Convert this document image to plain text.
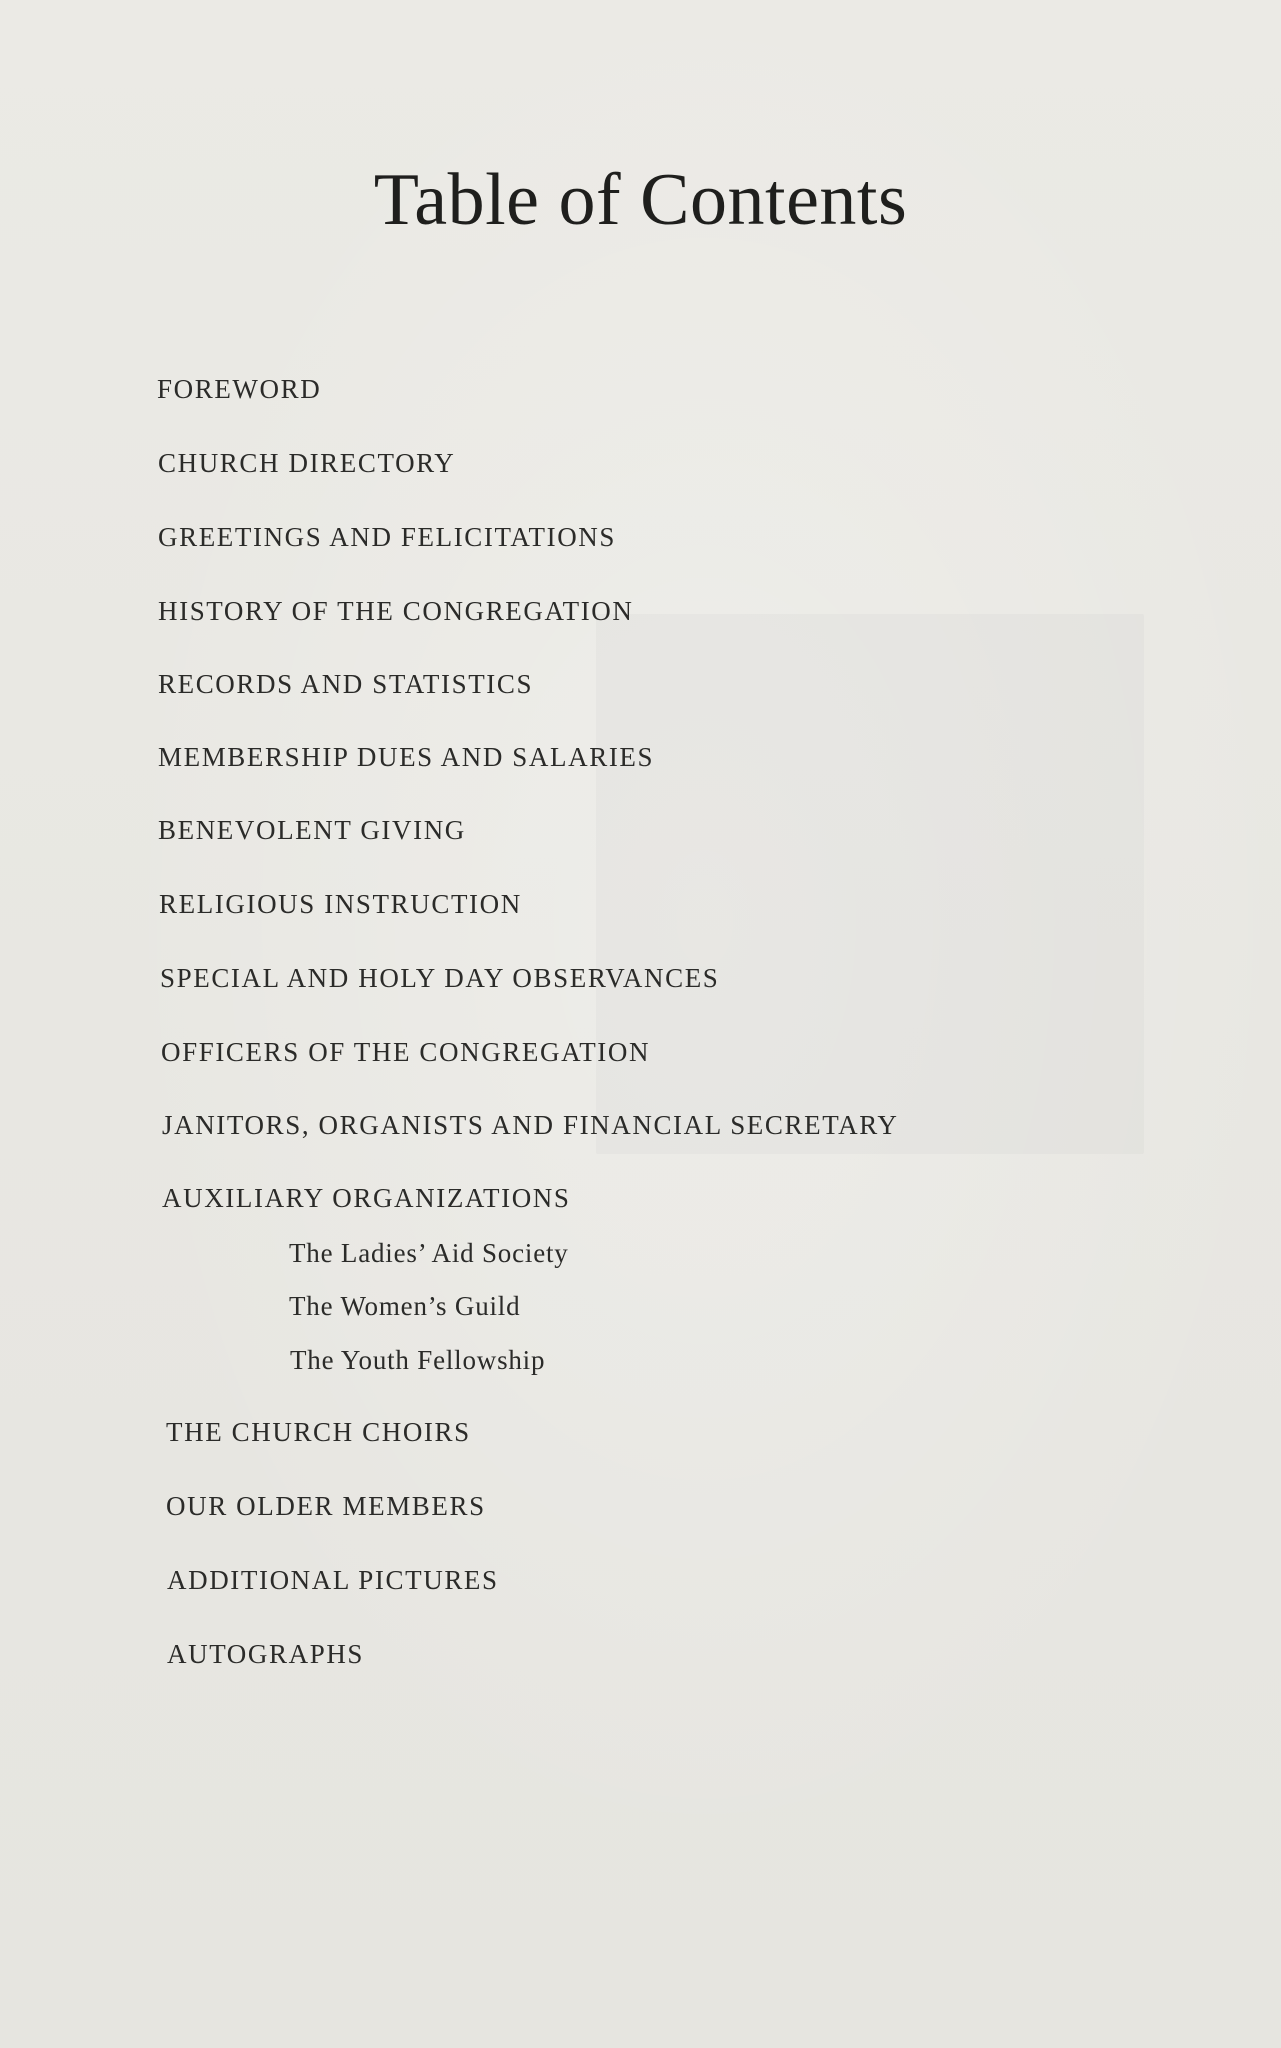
Table of Contents
FOREWORD
CHURCH DIRECTORY
GREETINGS AND FELICITATIONS
HISTORY OF THE CONGREGATION
RECORDS AND STATISTICS
MEMBERSHIP DUES AND SALARIES
BENEVOLENT GIVING
RELIGIOUS INSTRUCTION
SPECIAL AND HOLY DAY OBSERVANCES
OFFICERS OF THE CONGREGATION
JANITORS, ORGANISTS AND FINANCIAL SECRETARY
AUXILIARY ORGANIZATIONS
The Ladies’ Aid Society
The Women’s Guild
The Youth Fellowship
THE CHURCH CHOIRS
OUR OLDER MEMBERS
ADDITIONAL PICTURES
AUTOGRAPHS
